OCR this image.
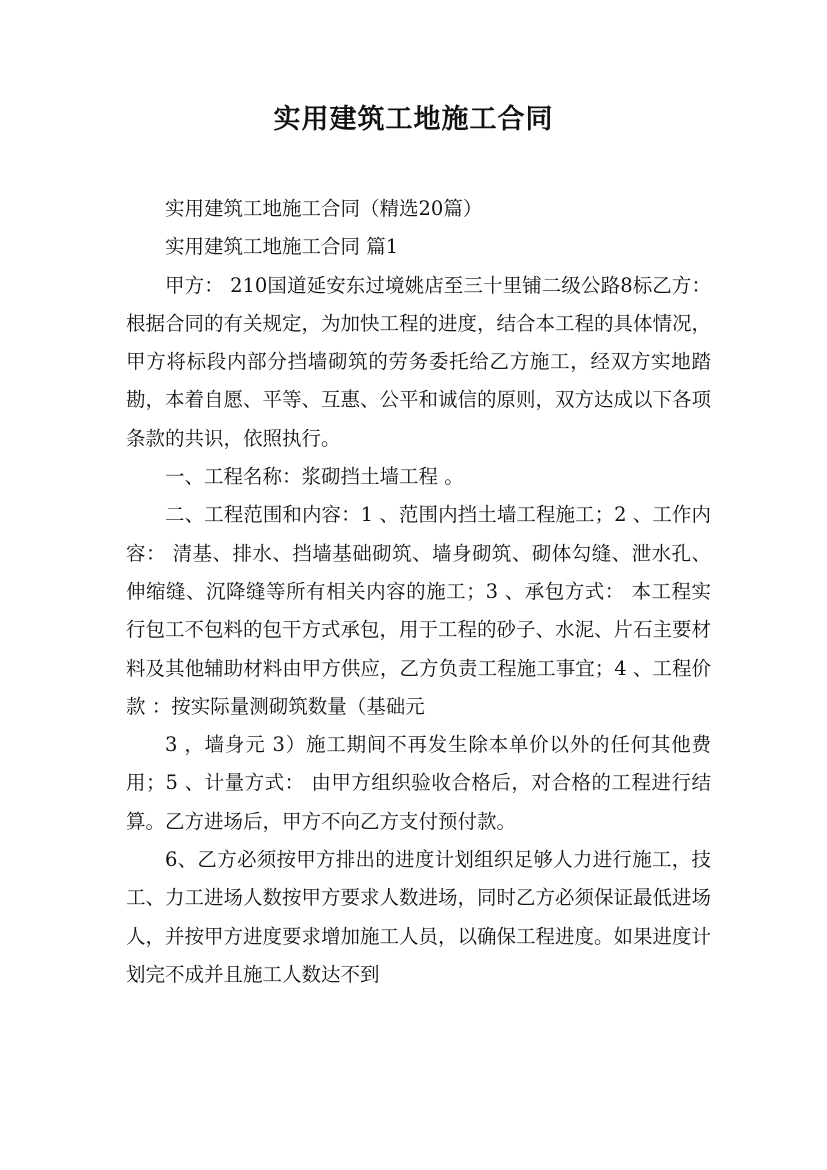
实用建筑工地施工合同

实用建筑工地施工合同（精选20篇）

实用建筑工地施工合同 篇1

甲方： 210国道延安东过境姚店至三十里铺二级公路8标乙方：根据合同的有关规定，为加快工程的进度，结合本工程的具体情况，甲方将标段内部分挡墙砌筑的劳务委托给乙方施工，经双方实地踏勘，本着自愿、平等、互惠、公平和诚信的原则，双方达成以下各项条款的共识，依照执行。

一、工程名称：浆砌挡土墙工程 。

二、工程范围和内容：1 、范围内挡土墙工程施工；2 、工作内容： 清基、排水、挡墙基础砌筑、墙身砌筑、砌体勾缝、泄水孔、伸缩缝、沉降缝等所有相关内容的施工；3 、承包方式： 本工程实行包工不包料的包干方式承包，用于工程的砂子、水泥、片石主要材料及其他辅助材料由甲方供应，乙方负责工程施工事宜；4 、工程价款 ：按实际量测砌筑数量（基础元

3 ，墙身元 3）施工期间不再发生除本单价以外的任何其他费用；5 、计量方式： 由甲方组织验收合格后，对合格的工程进行结算。乙方进场后，甲方不向乙方支付预付款。

6、乙方必须按甲方排出的进度计划组织足够人力进行施工，技工、力工进场人数按甲方要求人数进场，同时乙方必须保证最低进场 人，并按甲方进度要求增加施工人员，以确保工程进度。如果进度计划完不成并且施工人数达不到
